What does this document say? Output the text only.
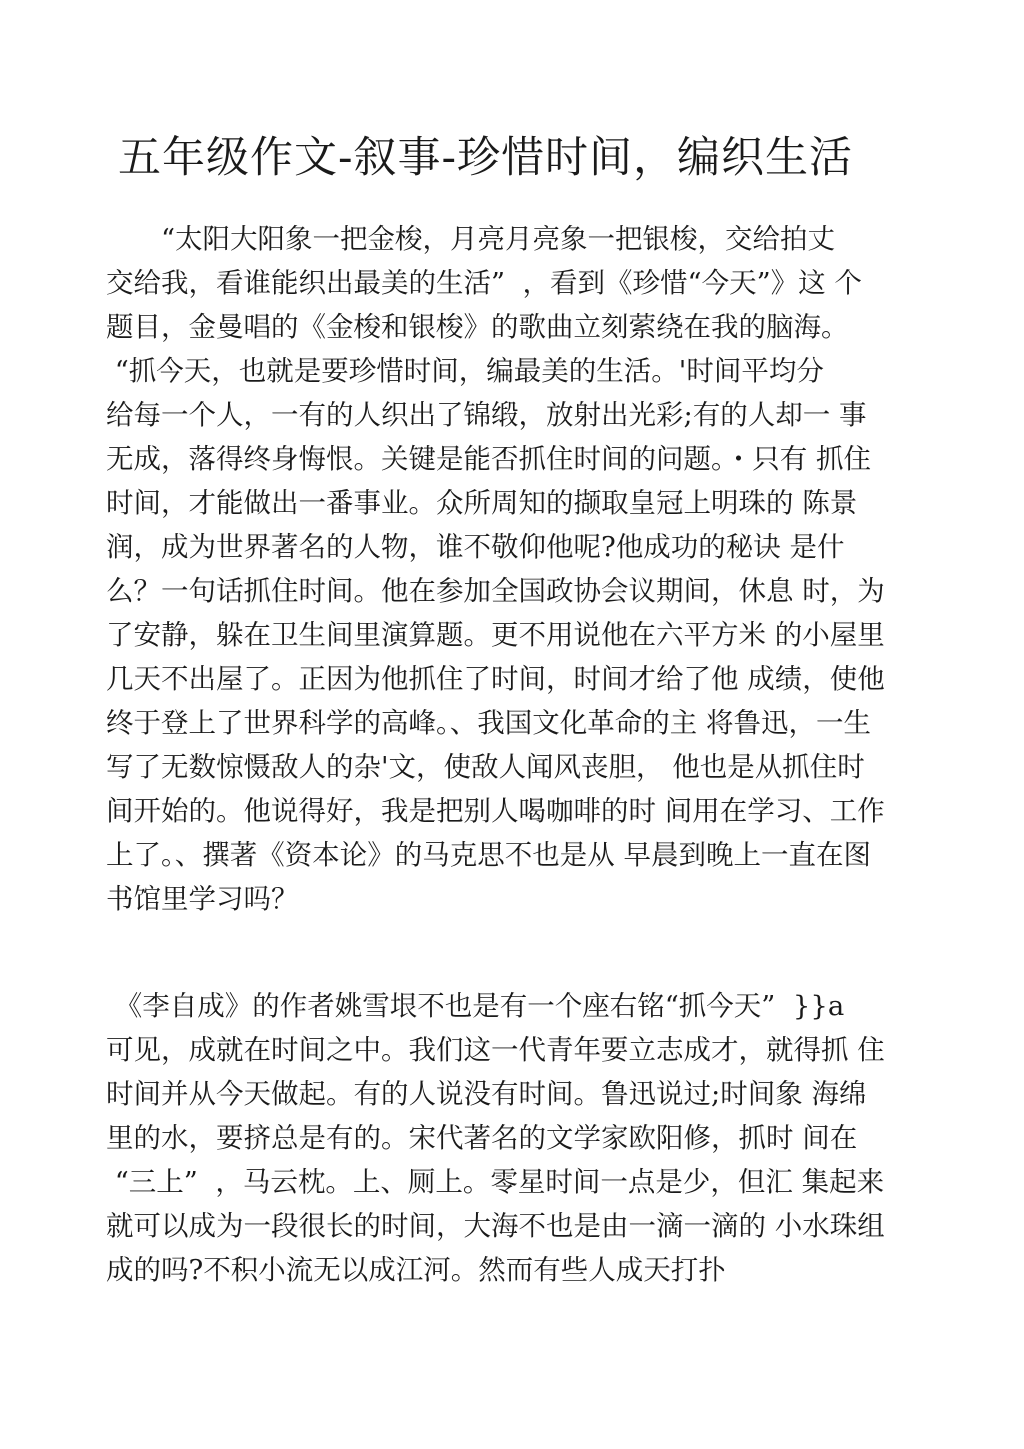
五年级作文-叙事-珍惜时间，编织生活

　　“太阳大阳象一把金梭，月亮月亮象一把银梭，交给拍丈

交给我，看谁能织出最美的生活”  ，看到《珍惜“今天”》这 个

题目，金曼唱的《金梭和银梭》的歌曲立刻萦绕在我的脑海。

“抓今天，也就是要珍惜时间，编最美的生活。'时间平均分

给每一个人，一有的人织出了锦缎，放射出光彩;有的人却一 事

无成，落得终身悔恨。关键是能否抓住时间的问题。・只有 抓住

时间，才能做出一番事业。众所周知的撷取皇冠上明珠的 陈景

润，成为世界著名的人物，谁不敬仰他呢?他成功的秘诀 是什

么？一句话抓住时间。他在参加全国政协会议期间，休息 时，为

了安静，躲在卫生间里演算题。更不用说他在六平方米 的小屋里

几天不出屋了。正因为他抓住了时间，时间才给了他 成绩，使他

终于登上了世界科学的高峰。、我国文化革命的主 将鲁迅，一生

写了无数惊慑敌人的杂'文，使敌人闻风丧胆， 他也是从抓住时

间开始的。他说得好，我是把别人喝咖啡的时 间用在学习、工作

上了。、撰著《资本论》的马克思不也是从 早晨到晚上一直在图

书馆里学习吗？

《李自成》的作者姚雪垠不也是有一个座右铭“抓今天”  }}a

可见，成就在时间之中。我们这一代青年要立志成才，就得抓 住

时间并从今天做起。有的人说没有时间。鲁迅说过;时间象 海绵

里的水，要挤总是有的。宋代著名的文学家欧阳修，抓时 间在

“三上”  ，马云枕。上、厕上。零星时间一点是少，但汇 集起来

就可以成为一段很长的时间，大海不也是由一滴一滴的 小水珠组

成的吗?不积小流无以成江河。然而有些人成天打扑
